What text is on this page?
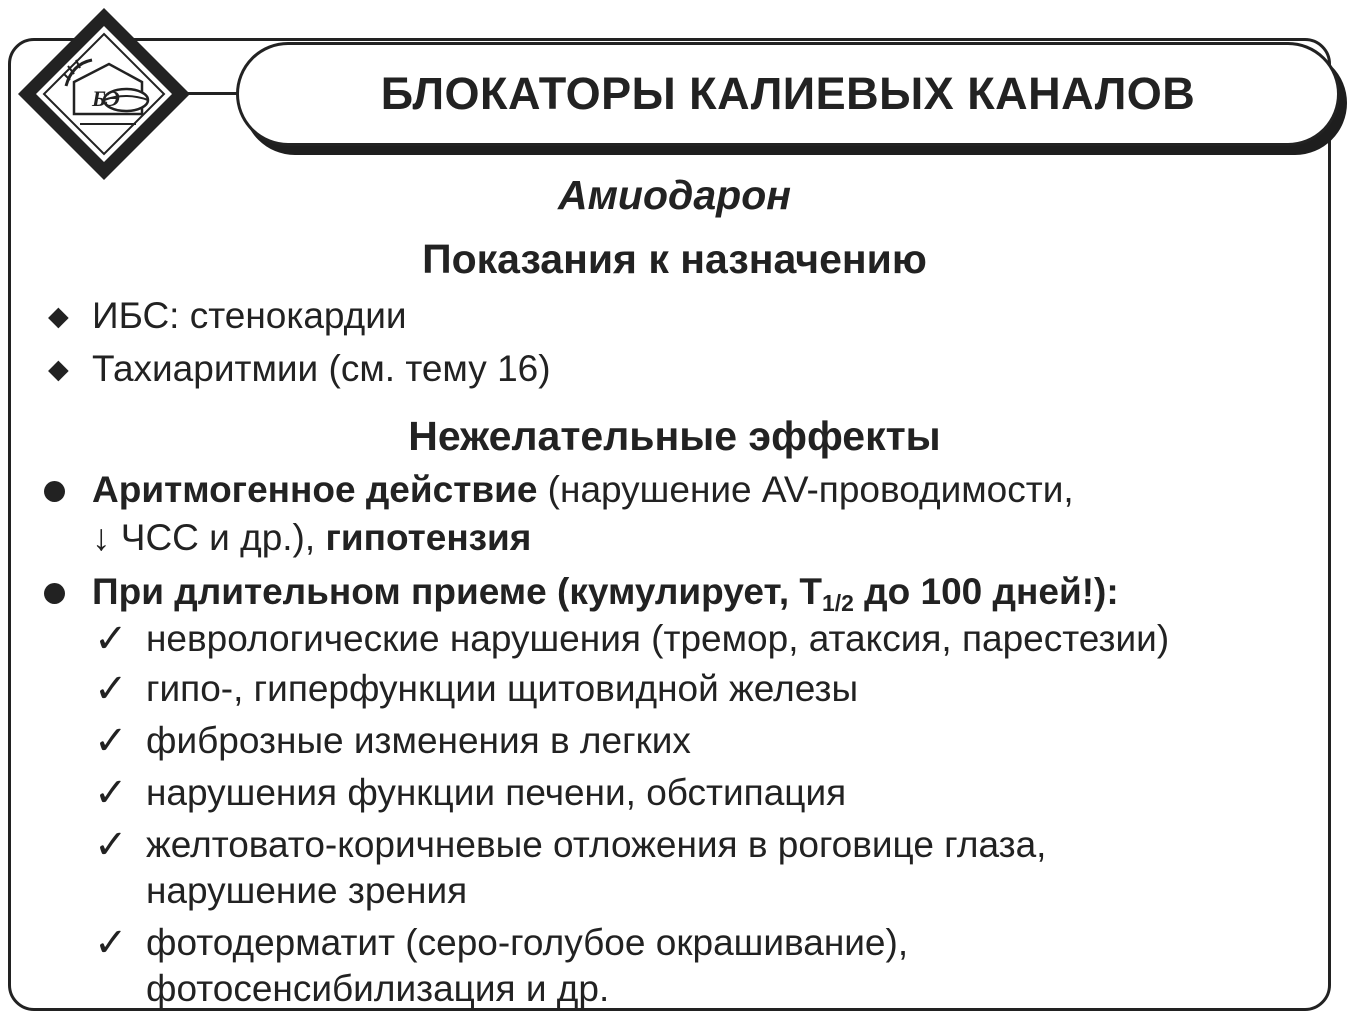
БЭ	БЛОКАТОРЫ КАЛИЕВЫХ КАНАЛОВ
Амиодарон
Показания к назначению
◆ ИБС: стенокардии
◆ Тахиаритмии (см. тему 16)
Нежелательные эффекты
Аритмогенное действие (нарушение AV-проводимости,
↓ ЧСС и др.), гипотензия
При длительном приеме (кумулирует, $Т_{1/2}$ до 100 дней!):
✓ неврологические нарушения (тремор, атаксия, парестезии)
✓ гипо-, гиперфункции щитовидной железы
✓ фиброзные изменения в легких
✓ нарушения функции печени, обстипация
✓ желтовато-коричневые отложения в роговице глаза,
нарушение зрения
✓ фотодерматит (серо-голубое окрашивание),
фотосенсибилизация и др.
